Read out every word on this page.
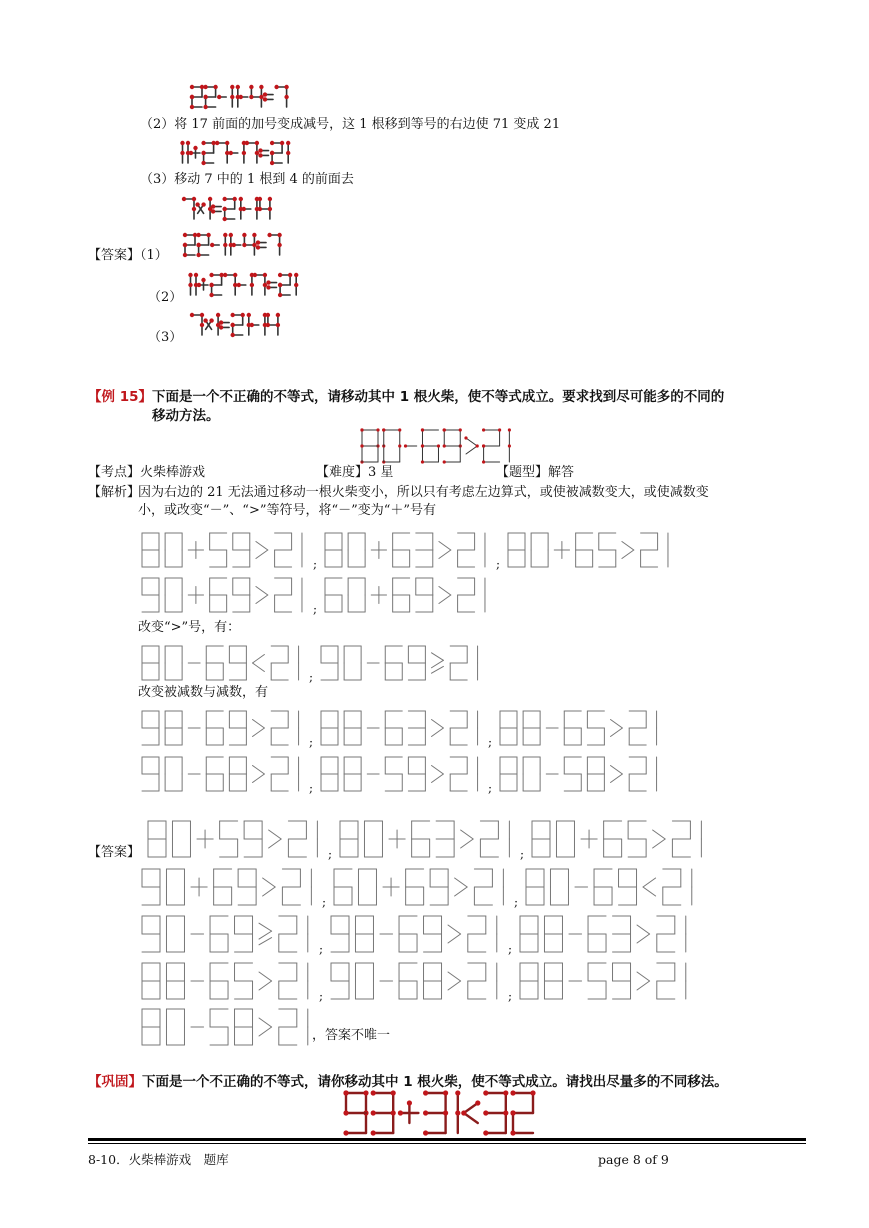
（2）将 17 前面的加号变成减号，这 1 根移到等号的右边使 71 变成 21
（3）移动 7 中的 1 根到 4 的前面去
【答案】（1）
（2）
（3）
【例 15】下面是一个不正确的不等式，请移动其中 1 根火柴，使不等式成立。要求找到尽可能多的不同的
移动方法。
【考点】火柴棒游戏	【难度】3 星	【题型】解答
【解析】
因为右边的 21 无法通过移动一根火柴变小，所以只有考虑左边算式，或使被减数变大，或使减数变
小，或改变“－”、“>”等符号，将“－”变为“＋”号有
;	;
;
改变“>”号，有：
;
改变被减数与减数，有
;	;
;	;
【答案】	;	;
;	;
;	;
;	;
，答案不唯一
【巩固】下面是一个不正确的不等式，请你移动其中 1 根火柴，使不等式成立。请找出尽量多的不同移法。
8-10．火柴棒游戏　题库	page 8 of 9
